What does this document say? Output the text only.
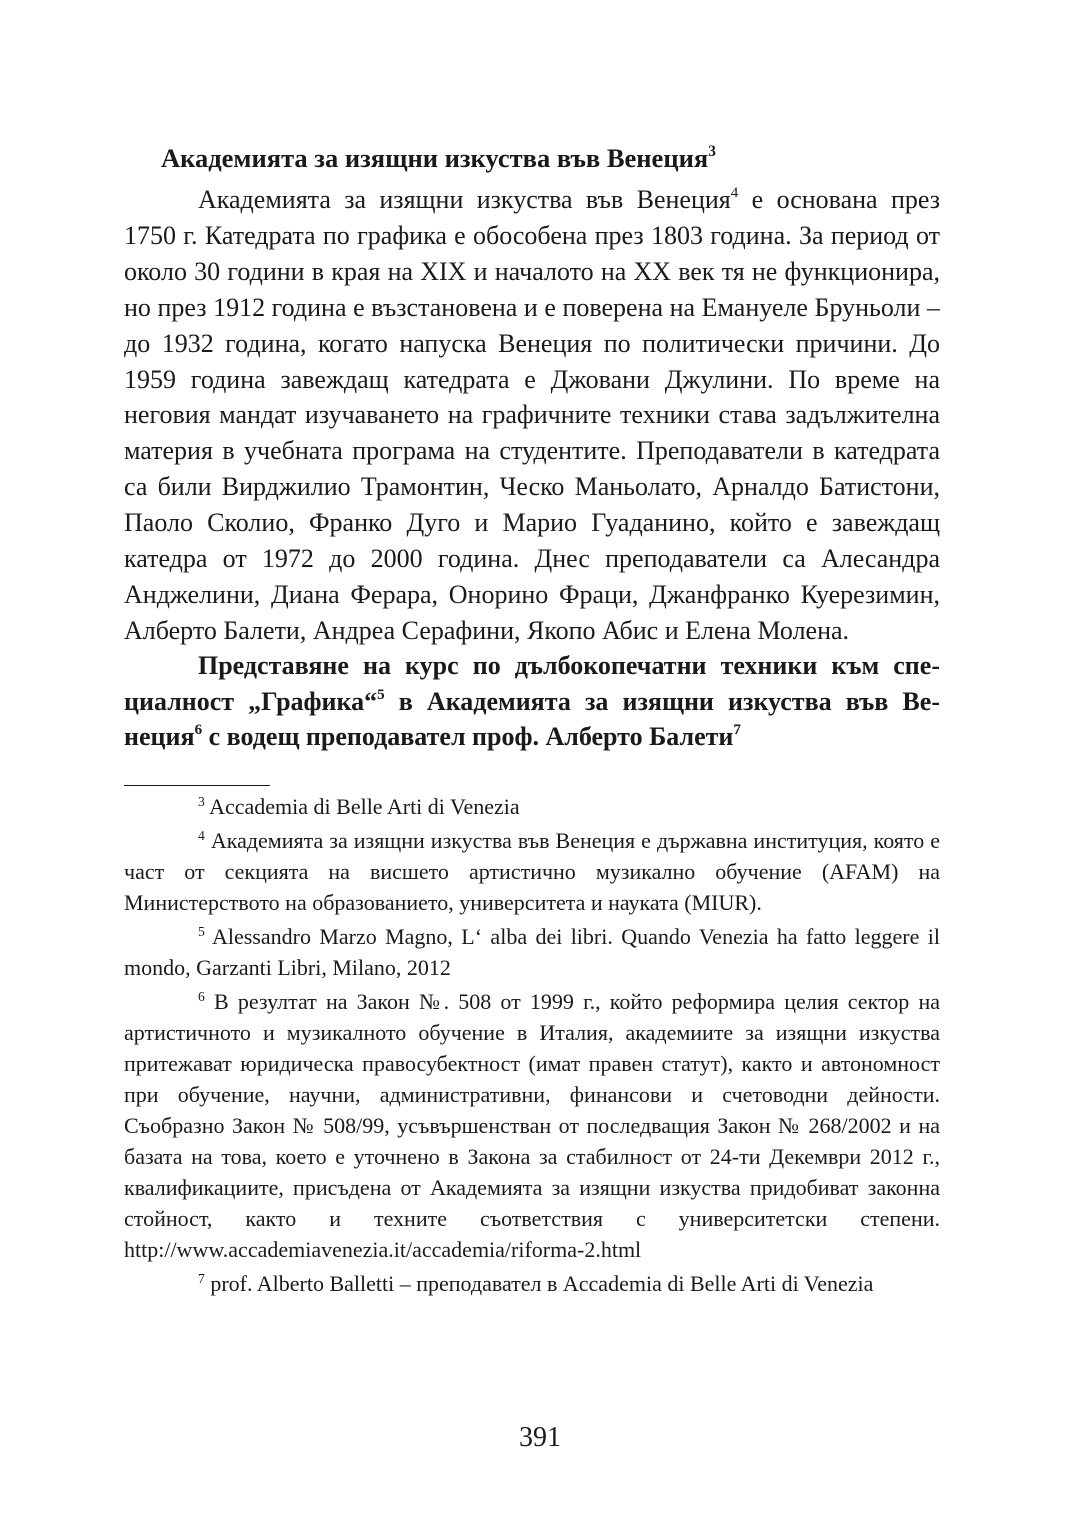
Академията за изящни изкуства във Венеция$^3$

Академията за изящни изкуства във Венеция$^4$ е основана през 1750 г. Катедрата по графика е обособена през 1803 година. За период от около 30 години в края на XIX и началото на XX век тя не функционира, но през 1912 година е възстановена и е поверена на Емануеле Бруньоли – до 1932 година, когато напуска Венеция по политически причини. До 1959 година завеждащ катедрата е Джовани Джулини. По време на неговия мандат изучаването на графичните техники става задължителна материя в учебната програма на студентите. Преподаватели в катедрата са били Вирджилио Трамонтин, Ческо Маньолато, Арналдо Батистони, Паоло Сколио, Франко Дуго и Марио Гуаданино, който е завеждащ катедра от 1972 до 2000 година. Днес преподаватели са Алесандра Анджелини, Диана Ферара, Онорино Фраци, Джанфранко Куерезимин, Алберто Балети, Андреа Серафини, Якопо Абис и Елена Молена.

Представяне на курс по дълбокопечатни техники към специалност „Графика“$^5$ в Академията за изящни изкуства във Венеция$^6$ с водещ преподавател проф. Алберто Балети$^7$

$^3$ Accademia di Belle Arti di Venezia

$^4$ Академията за изящни изкуства във Венеция е държавна институция, която е част от секцията на висшето артистично музикално обучение (AFAM) на Министерството на образованието, университета и науката (MIUR).

$^5$ Alessandro Marzo Magno, L‘ alba dei libri. Quando Venezia ha fatto leggere il mondo, Garzanti Libri, Milano, 2012

$^6$ В резултат на Закон №. 508 от 1999 г., който реформира целия сектор на артистичното и музикалното обучение в Италия, академиите за изящни изкуства притежават юридическа правосубектност (имат правен статут), както и автономност при обучение, научни, административни, финансови и счетоводни дейности. Съобразно Закон № 508/99, усъвършенстван от последващия Закон № 268/2002 и на базата на това, което е уточнено в Закона за стабилност от 24-ти Декември 2012 г., квалификациите, присъдена от Академията за изящни изкуства придобиват законна стойност, както и техните съответствия с университетски степени. http://www.accademiavenezia.it/accademia/riforma-2.html

$^7$ prof. Alberto Balletti – преподавател в Accademia di Belle Arti di Venezia

391
